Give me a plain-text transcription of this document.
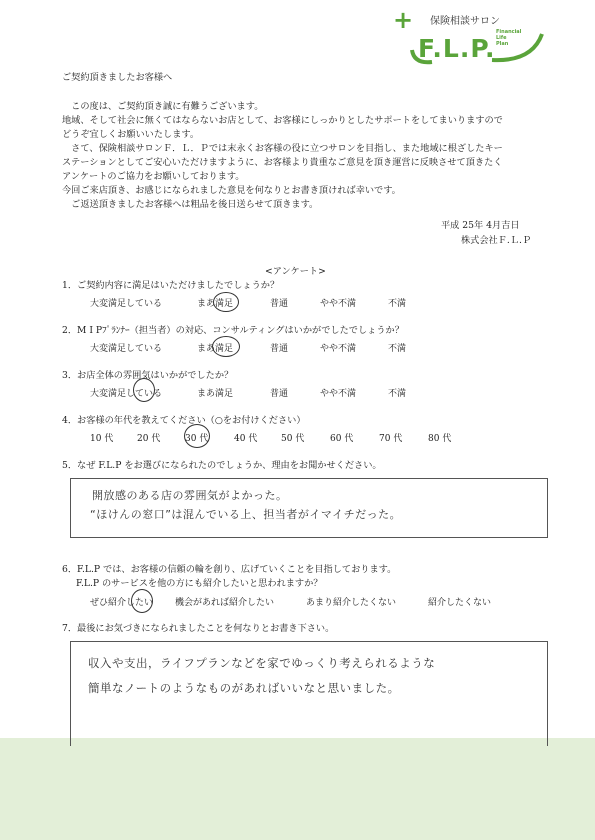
保険相談サロン
+	Financial
Life
Plan
F.L.P.
ご契約頂きましたお客様へ
　この度は、ご契約頂き誠に有難うございます。
地域、そして社会に無くてはならないお店として、お客様にしっかりとしたサポートをしてまいりますので
どうぞ宜しくお願いいたします。
　さて、保険相談サロンＦ．Ｌ．Ｐでは末永くお客様の役に立つサロンを目指し、また地域に根ざしたキー
ステーションとしてご安心いただけますように、お客様より貴重なご意見を頂き運営に反映させて頂きたく
アンケートのご協力をお願いしております。
今回ご来店頂き、お感じになられました意見を何なりとお書き頂ければ幸いです。
　ご返送頂きましたお客様へは粗品を後日送らせて頂きます。
平成 25年 4月吉日
株式会社Ｆ.Ｌ.Ｐ
<アンケート>
1．ご契約内容に満足はいただけましたでしょうか？
大変満足している	まあ満足	普通	やや不満	不満
2．M I Pﾌﾟﾗﾝﾅｰ（担当者）の対応、コンサルティングはいかがでしたでしょうか？
大変満足している	まあ満足	普通	やや不満	不満
3．お店全体の雰囲気はいかがでしたか？
大変満足している	まあ満足	普通	やや不満	不満
4．お客様の年代を教えてください（○をお付けください）
10 代	20 代	30 代	40 代	50 代	60 代	70 代	80 代
5．なぜ F.L.P をお選びになられたのでしょうか、理由をお聞かせください。
開放感のある店の雰囲気がよかった。
“ほけんの窓口”は混んでいる上、担当者がイマイチだった。
6．F.L.P では、お客様の信頼の輪を創り、広げていくことを目指しております。
F.L.P のサービスを他の方にも紹介したいと思われますか？
ぜひ紹介したい 機会があれば紹介したい	あまり紹介したくない	紹介したくない
7．最後にお気づきになられましたことを何なりとお書き下さい。
収入や支出，ライフプランなどを家でゆっくり考えられるような
簡単なノートのようなものがあればいいなと思いました。
